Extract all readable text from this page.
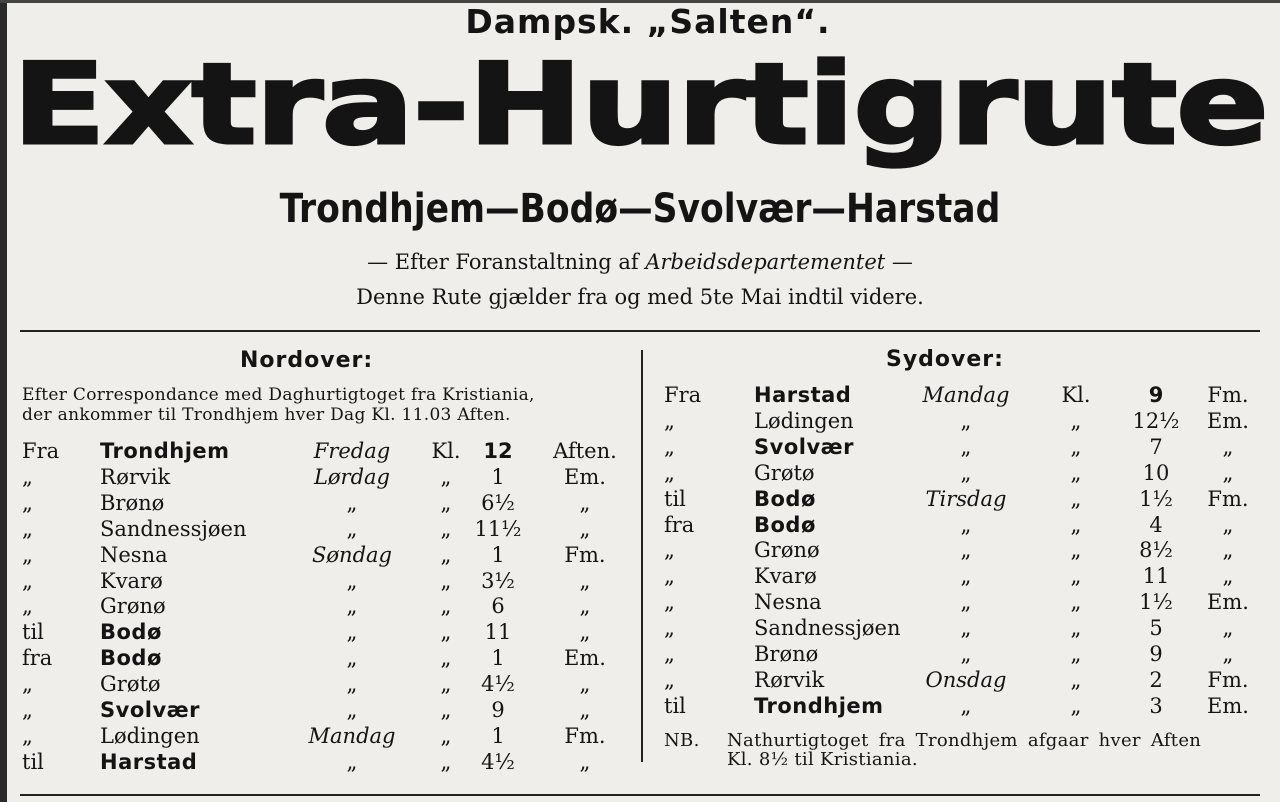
Dampsk. „Salten“.
Extra-Hurtigrute
Trondhjem—Bodø—Svolvær—Harstad
— Efter Foranstaltning af Arbeidsdepartementet —
Denne Rute gjælder fra og med 5te Mai indtil videre.
Nordover:
Efter Correspondance med Daghurtigtoget fra Kristiania,
der ankommer til Trondhjem hver Dag Kl. 11.03 Aften.
Sydover:
Fra Trondhjem	Fredag	Kl.	12	Aften.
„	Rørvik	Lørdag	„	1	Em.
„	Brønø	„	„	6½	„
„	Sandnessjøen	„	„	11½	„
„	Nesna	Søndag	„	1	Fm.
„	Kvarø	„	„	3½	„
„	Grønø	„	„	6	„
til	Bodø	„	„	11	„
fra Bodø	„	„	1	Em.
„	Grøtø	„	„	4½	„
„	Svolvær	„	„	9	„
„	Lødingen	Mandag	„	1	Fm.
til	Harstad	„	„	4½	„
Fra	Harstad	Mandag	Kl.	9	Fm.
„	Lødingen	„	„	12½	Em.
„	Svolvær	„	„	7	„
„	Grøtø	„	„	10	„
til	Bodø	Tirsdag	„	1½	Fm.
fra	Bodø	„	„	4	„
„	Grønø	„	„	8½	„
„	Kvarø	„	„	11	„
„	Nesna	„	„	1½	Em.
„	Sandnessjøen	„	„	5	„
„	Brønø	„	„	9	„
„	Rørvik	Onsdag	„	2	Fm.
til	Trondhjem	„	„	3	Em.
NB. Nathurtigtoget fra Trondhjem afgaar hver Aften
Kl. 8½ til Kristiania.
